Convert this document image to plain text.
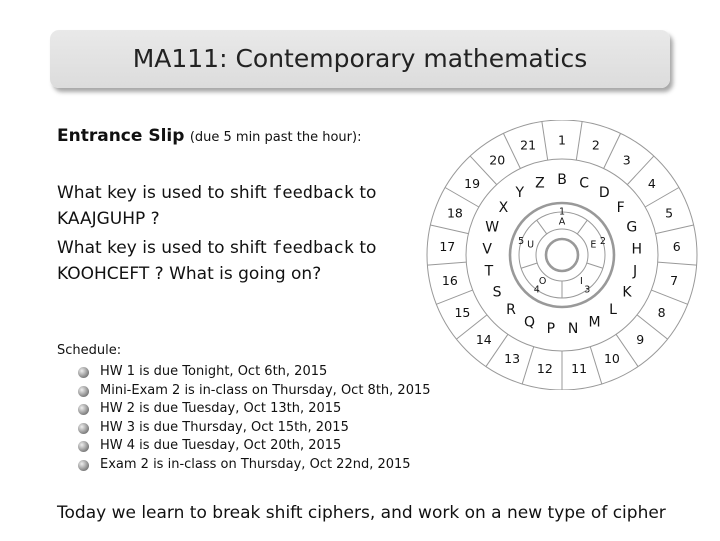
MA111: Contemporary mathematics
Entrance Slip (due 5 min past the hour):
What key is used to shift feedback to
KAAJGUHP ?
What key is used to shift feedback to
KOOHCEFT ? What is going on?
Schedule:
HW 1 is due Tonight, Oct 6th, 2015
Mini-Exam 2 is in-class on Thursday, Oct 8th, 2015
HW 2 is due Tuesday, Oct 13th, 2015
HW 3 is due Thursday, Oct 15th, 2015
HW 4 is due Tuesday, Oct 20th, 2015
Exam 2 is in-class on Thursday, Oct 22nd, 2015
Today we learn to break shift ciphers, and work on a new type of cipher
1
B
2
C
3
D
4
F	5
G
6
H
7
J
8
K
9
L
10
M
11
N
12
P
13
Q
14
R
15
S
16
T
17 V
18
W
19
X
20
Y
21
Z
A
1
E 2
I
3
O
4
U
5
